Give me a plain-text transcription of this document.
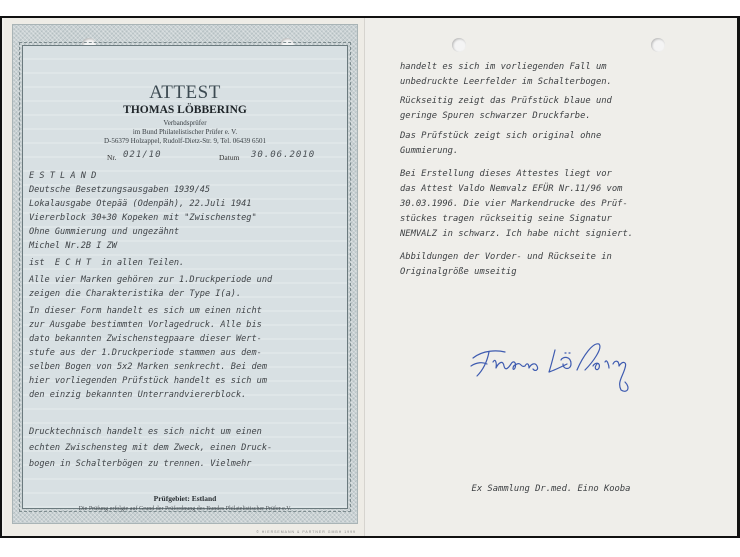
ATTEST
THOMAS LÖBBERING
Verbandsprüfer
im Bund Philatelistischer Prüfer e. V.
D-56379 Holzappel, Rudolf-Dietz-Str. 9, Tel. 06439 6501
Nr. 021/10	Datum 30.06.2010
E S T L A N D
Deutsche Besetzungsausgaben 1939/45
Lokalausgabe Otepää (Odenpäh), 22.Juli 1941
Viererblock 30+30 Kopeken mit "Zwischensteg"
Ohne Gummierung und ungezähnt
Michel Nr.2B I ZW
ist  E C H T  in allen Teilen.
Alle vier Marken gehören zur 1.Druckperiode und
zeigen die Charakteristika der Type I(a).
In dieser Form handelt es sich um einen nicht
zur Ausgabe bestimmten Vorlagedruck. Alle bis
dato bekannten Zwischenstegpaare dieser Wert-
stufe aus der 1.Druckperiode stammen aus dem-
selben Bogen von 5x2 Marken senkrecht. Bei dem
hier vorliegenden Prüfstück handelt es sich um
den einzig bekannten Unterrandviererblock.
Drucktechnisch handelt es sich nicht um einen
echten Zwischensteg mit dem Zweck, einen Druck-
bogen in Schalterbögen zu trennen. Vielmehr
Prüfgebiet: Estland
Die Prüfung erfolgte auf Grund der Prüfordnung des Bundes Philatelistischer Prüfer e.V.
© HIERSEMANN & PARTNER GMBH 1999
handelt es sich im vorliegenden Fall um
unbedruckte Leerfelder im Schalterbogen.
Rückseitig zeigt das Prüfstück blaue und
geringe Spuren schwarzer Druckfarbe.
Das Prüfstück zeigt sich original ohne
Gummierung.
Bei Erstellung dieses Attestes liegt vor
das Attest Valdo Nemvalz EFÜR Nr.11/96 vom
30.03.1996. Die vier Markendrucke des Prüf-
stückes tragen rückseitig seine Signatur
NEMVALZ in schwarz. Ich habe nicht signiert.
Abbildungen der Vorder- und Rückseite in
Originalgröße umseitig
Ex Sammlung Dr.med. Eino Kooba
